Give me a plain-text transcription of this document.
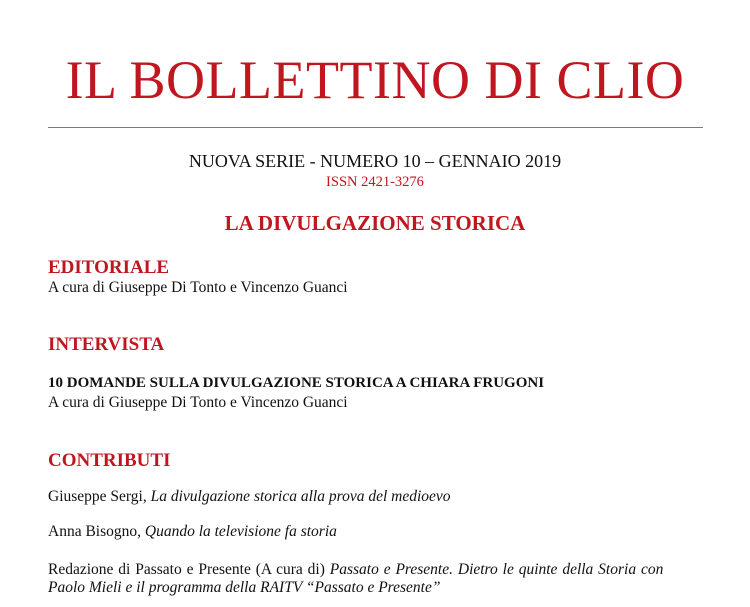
IL BOLLETTINO DI CLIO
NUOVA SERIE - NUMERO 10 – GENNAIO 2019
ISSN 2421-3276
LA DIVULGAZIONE STORICA
EDITORIALE
A cura di Giuseppe Di Tonto e Vincenzo Guanci
INTERVISTA
10 DOMANDE SULLA DIVULGAZIONE STORICA A CHIARA FRUGONI
A cura di Giuseppe Di Tonto e Vincenzo Guanci
CONTRIBUTI
Giuseppe Sergi, La divulgazione storica alla prova del medioevo
Anna Bisogno, Quando la televisione fa storia
Redazione di Passato e Presente (A cura di) Passato e Presente. Dietro le quinte della Storia con
Paolo Mieli e il programma della RAITV “Passato e Presente”
